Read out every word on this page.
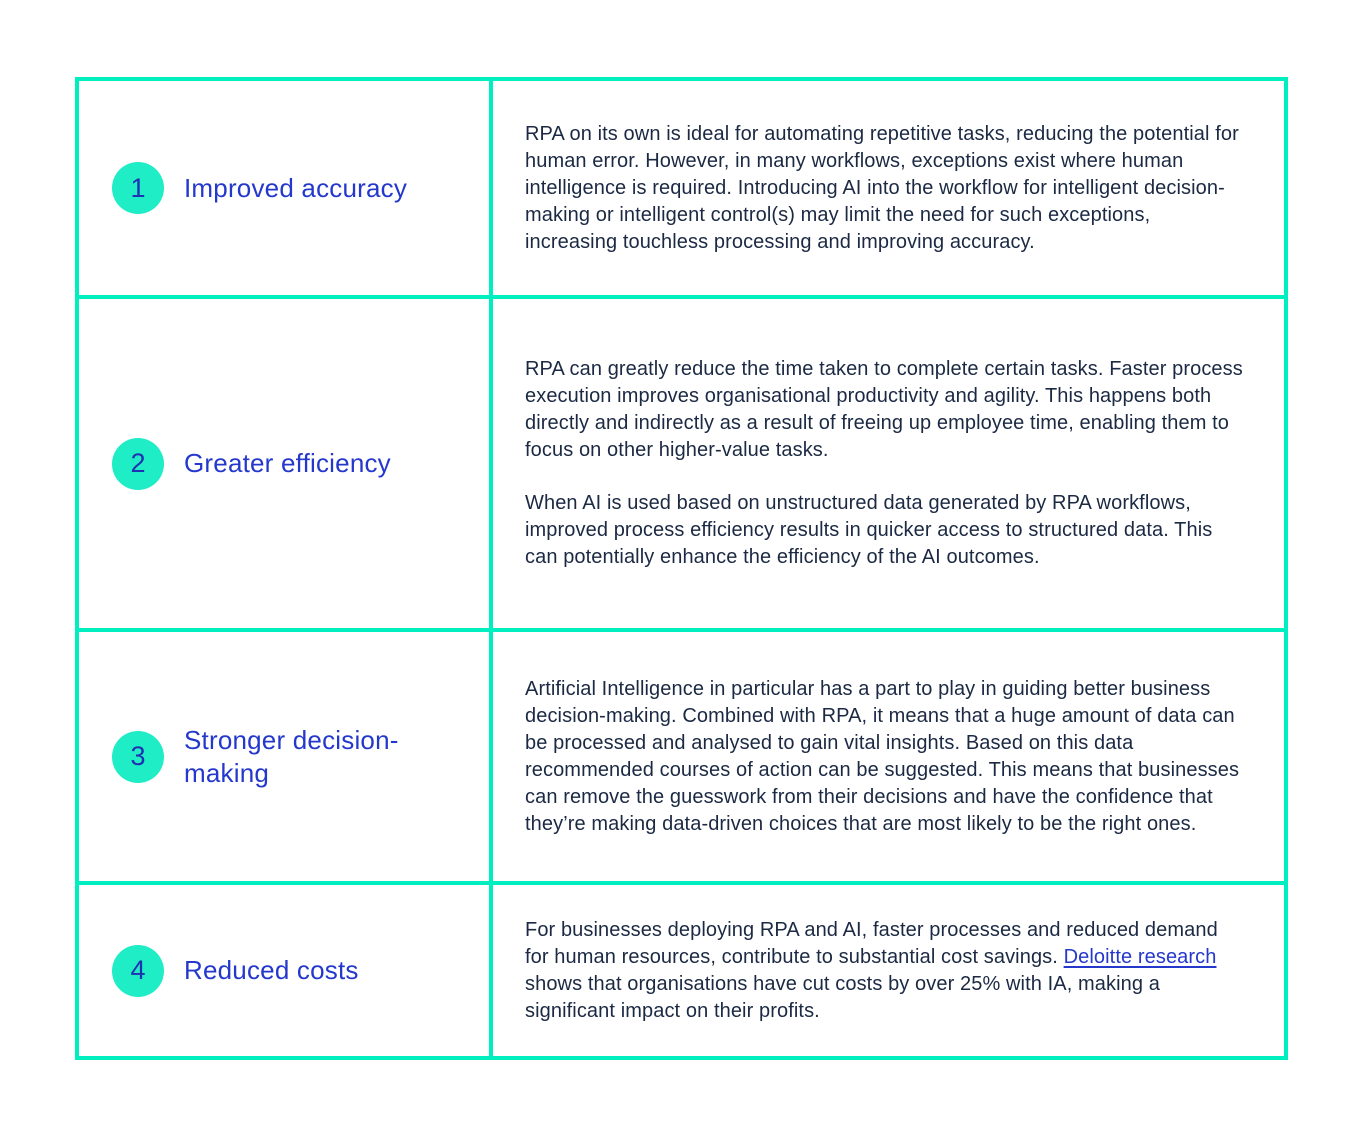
1 Improved accuracy

RPA on its own is ideal for automating repetitive tasks, reducing the potential for human error. However, in many workflows, exceptions exist where human intelligence is required. Introducing AI into the workflow for intelligent decision-making or intelligent control(s) may limit the need for such exceptions, increasing touchless processing and improving accuracy.

2 Greater efficiency

RPA can greatly reduce the time taken to complete certain tasks. Faster process execution improves organisational productivity and agility. This happens both directly and indirectly as a result of freeing up employee time, enabling them to focus on other higher-value tasks.

When AI is used based on unstructured data generated by RPA workflows, improved process efficiency results in quicker access to structured data. This can potentially enhance the efficiency of the AI outcomes.

3
Stronger decision-making

Artificial Intelligence in particular has a part to play in guiding better business decision-making. Combined with RPA, it means that a huge amount of data can be processed and analysed to gain vital insights. Based on this data recommended courses of action can be suggested. This means that businesses can remove the guesswork from their decisions and have the confidence that they’re making data-driven choices that are most likely to be the right ones.

4 Reduced costs

For businesses deploying RPA and AI, faster processes and reduced demand for human resources, contribute to substantial cost savings. Deloitte research shows that organisations have cut costs by over 25% with IA, making a significant impact on their profits.
